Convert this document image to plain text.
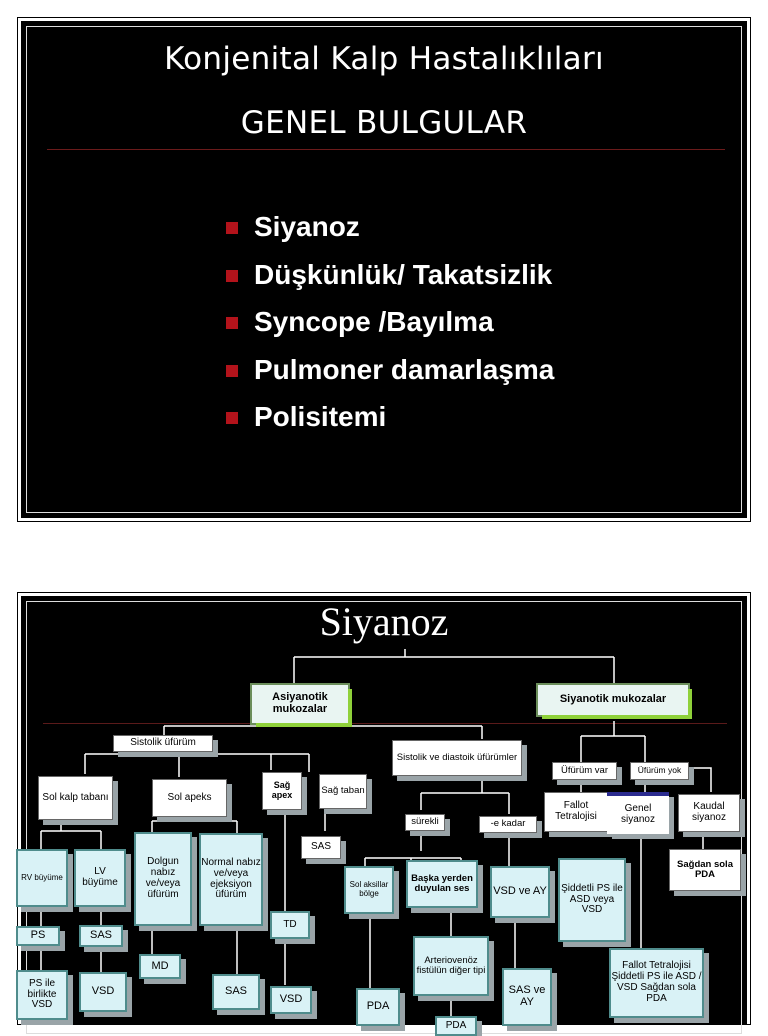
Konjenital Kalp Hastalıklıları
GENEL BULGULAR
Siyanoz
Düşkünlük/ Takatsizlik
Syncope /Bayılma
Pulmoner damarlaşma
Polisitemi
Siyanoz
Asiyanotik mukozalar
Siyanotik mukozalar
Sistolik üfürüm
Sistolik ve diastoik üfürümler
Üfürüm var	Üfürüm yok
Sol kalp tabanı	Sol apeks
Sağ apex	Sağ taban
sürekli	-e kadar
Fallot Tetralojisi
Genel siyanoz
Kaudal siyanoz
SAS
Sağdan sola PDA
RV büyüme	LV büyüme
Dolgun nabız ve/veya üfürüm
Normal nabız ve/veya ejeksiyon üfürüm
Sol aksillar bölge
Başka yerden duyulan ses	VSD ve AY	Şiddetli PS ile ASD veya VSD
TD
PS	SAS
MD	Arteriovenöz fistülün diğer tipi	Fallot Tetralojisi Şiddetli PS ile ASD / VSD Sağdan sola PDA
PS ile birlikte VSD
VSD	SAS
VSD
PDA
PDA
SAS ve AY
